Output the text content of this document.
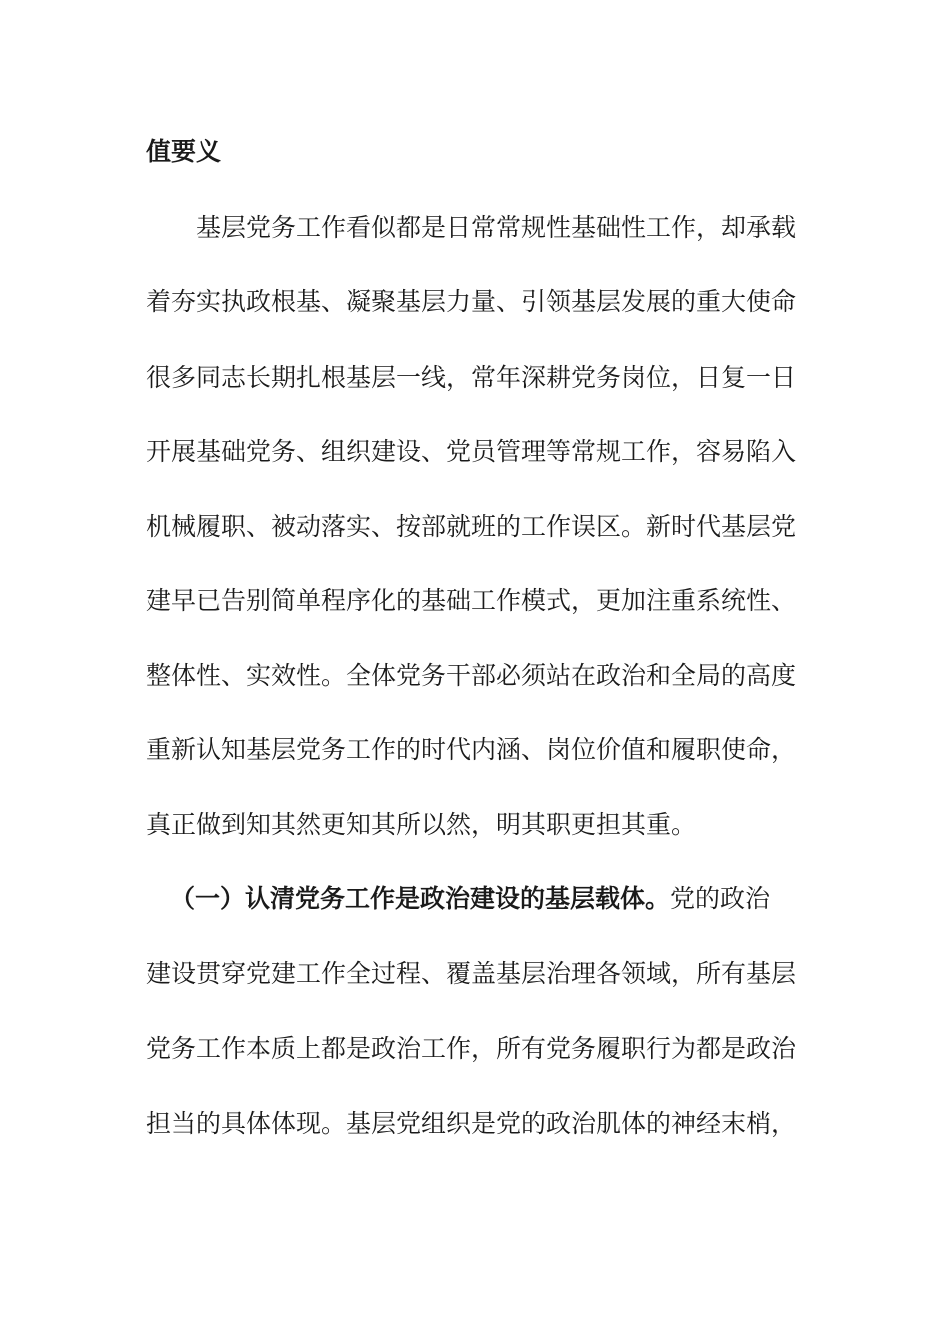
值要义
基层党务工作看似都是日常常规性基础性工作，却承载
着夯实执政根基、凝聚基层力量、引领基层发展的重大使命
很多同志长期扎根基层一线，常年深耕党务岗位，日复一日
开展基础党务、组织建设、党员管理等常规工作，容易陷入
机械履职、被动落实、按部就班的工作误区。新时代基层党
建早已告别简单程序化的基础工作模式，更加注重系统性、
整体性、实效性。全体党务干部必须站在政治和全局的高度
重新认知基层党务工作的时代内涵、岗位价值和履职使命，
真正做到知其然更知其所以然，明其职更担其重。
（一）认清党务工作是政治建设的基层载体。党的政治
建设贯穿党建工作全过程、覆盖基层治理各领域，所有基层
党务工作本质上都是政治工作，所有党务履职行为都是政治
担当的具体体现。基层党组织是党的政治肌体的神经末梢，
